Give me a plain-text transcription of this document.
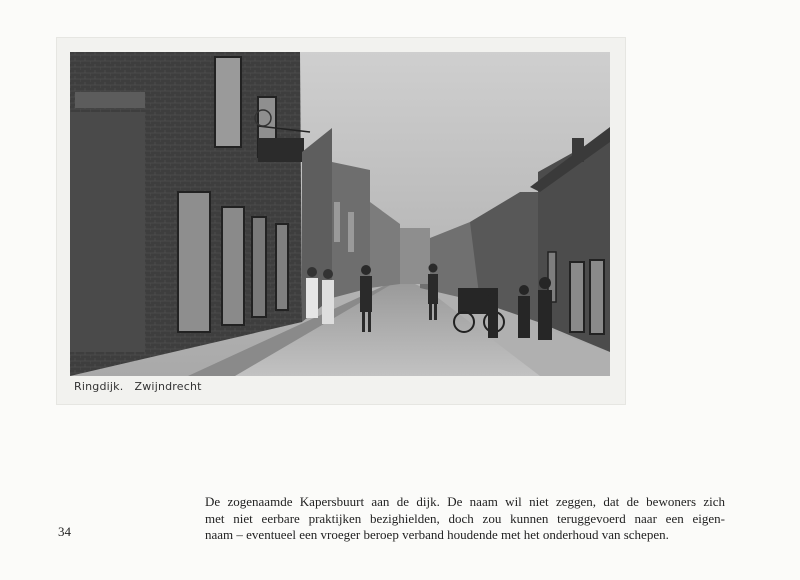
Ringdijk.   Zwijndrecht
34
De zogenaamde Kapersbuurt aan de dijk. De naam wil niet zeggen, dat de bewoners zich
met niet eerbare praktijken bezighielden, doch zou kunnen teruggevoerd naar een eigen-
naam – eventueel een vroeger beroep verband houdende met het onderhoud van schepen.
